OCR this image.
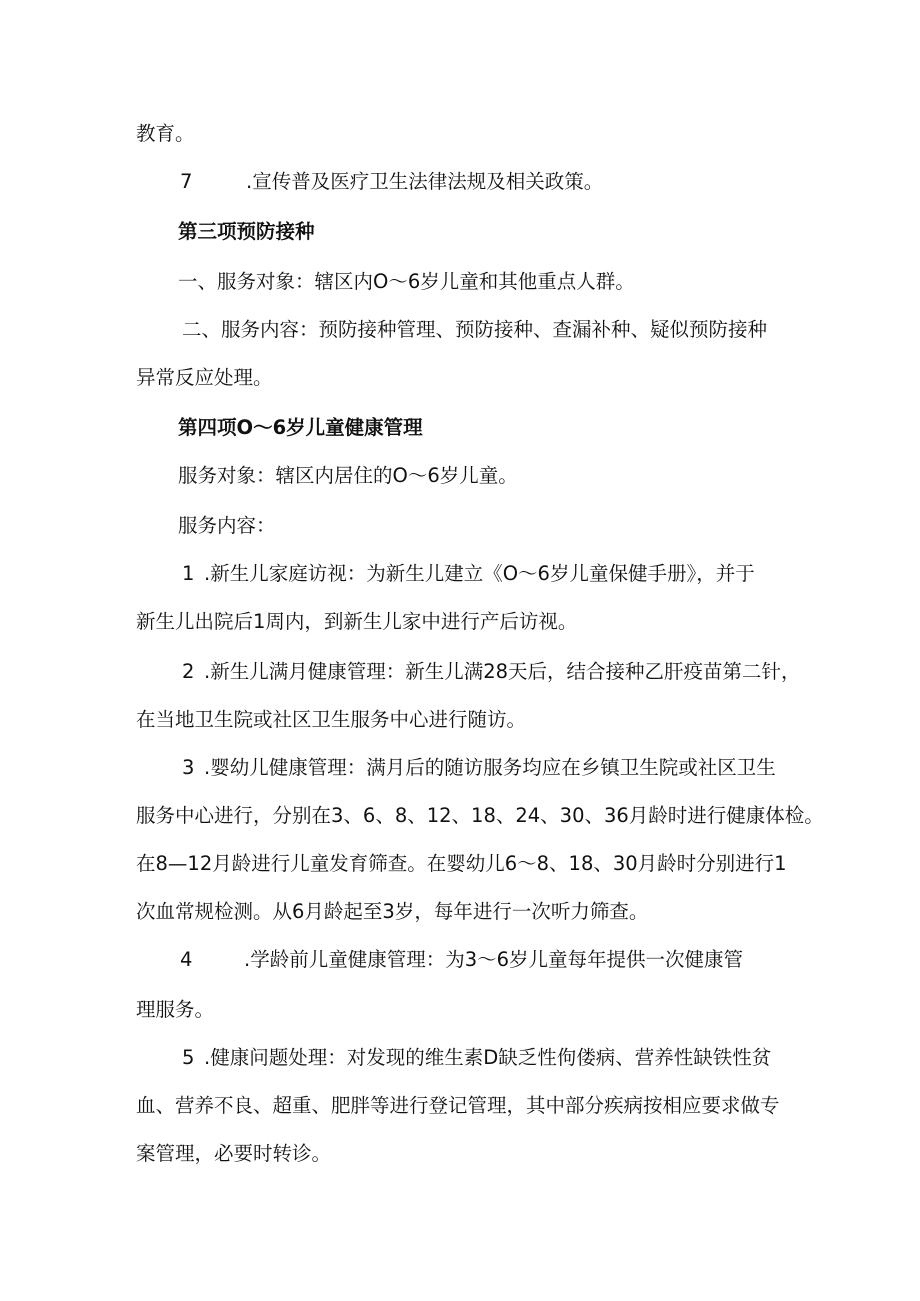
教育。
7	.宣传普及医疗卫生法律法规及相关政策。
第三项预防接种
一、服务对象：辖区内O〜6岁儿童和其他重点人群。
二、服务内容：预防接种管理、预防接种、查漏补种、疑似预防接种
异常反应处理。
第四项O〜6岁儿童健康管理
服务对象：辖区内居住的O〜6岁儿童。
服务内容：
1 .新生儿家庭访视：为新生儿建立《O〜6岁儿童保健手册》，并于
新生儿出院后1周内，到新生儿家中进行产后访视。
2 .新生儿满月健康管理：新生儿满28天后，结合接种乙肝疫苗第二针，
在当地卫生院或社区卫生服务中心进行随访。
3 .婴幼儿健康管理：满月后的随访服务均应在乡镇卫生院或社区卫生
服务中心进行，分别在3、6、8、12、18、24、30、36月龄时进行健康体检。
在8—12月龄进行儿童发育筛查。在婴幼儿6〜8、18、30月龄时分别进行1
次血常规检测。从6月龄起至3岁，每年进行一次听力筛查。
4	.学龄前儿童健康管理：为3〜6岁儿童每年提供一次健康管
理服务。
5 .健康问题处理：对发现的维生素D缺乏性佝偻病、营养性缺铁性贫
血、营养不良、超重、肥胖等进行登记管理，其中部分疾病按相应要求做专
案管理，必要时转诊。
